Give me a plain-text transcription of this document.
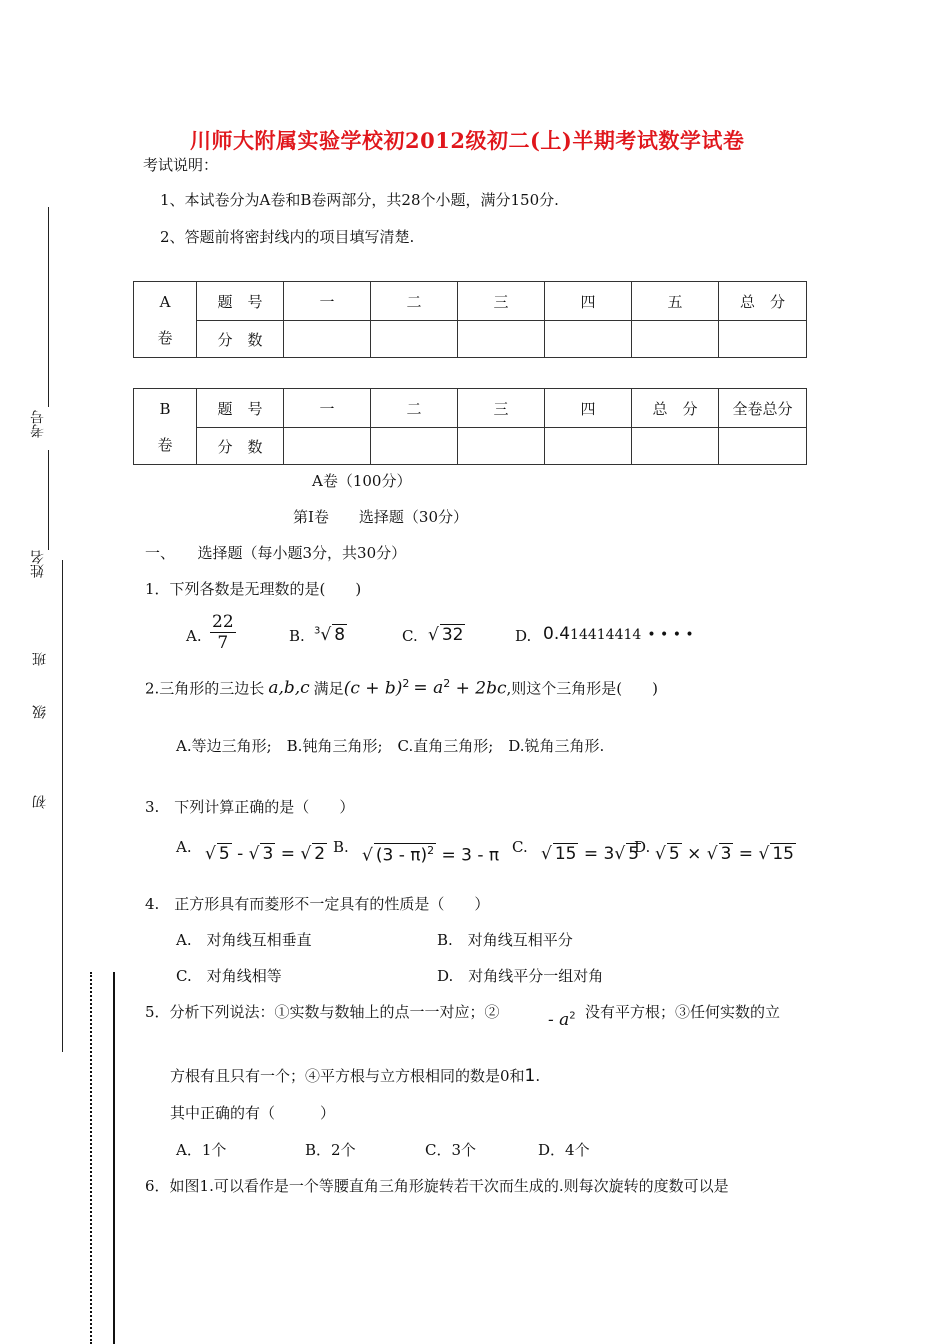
考号
姓名
班
级
初
川师大附属实验学校初2012级初二(上)半期考试数学试卷
考试说明：
1、本试卷分为A卷和B卷两部分，共28个小题，满分150分.
2、答题前将密封线内的项目填写清楚.
A
卷	题　号	一	二	三	四	五	总　分
	分　数						
B
卷	题　号	一	二	三	四	总　分	全卷总分
	分　数						
A卷（100分）
第Ⅰ卷　　选择题（30分）
一、　　选择题（每小题3分，共30分）
1．下列各数是无理数的是(　　)
A. $\frac{22}{7}$	B. $^3$√ 8	C. √ 32	D. 0.414414414 • • • •
2.三角形的三边长 a,b,c 满足$(c + b)^2 = a^2 + 2bc$,则这个三角形是(　　)
A.等边三角形;　B.钝角三角形;　C.直角三角形;　D.锐角三角形.
3.　下列计算正确的是（　　）
A. √ 5 - √ 3 = √ 2 B. √ (3 - π)$^2$ = 3 - π C. √ 15 = 3√ 5
D. √ 5 × √ 3 = √ 15
4.　正方形具有而菱形不一定具有的性质是（　　）
A.　对角线互相垂直	B.　对角线互相平分
C.　对角线相等	D.　对角线平分一组对角
5．分析下列说法：①实数与数轴上的点一一对应；②	- $a^2$ 没有平方根；③任何实数的立
方根有且只有一个；④平方根与立方根相同的数是0和1.
其中正确的有（　　　）
A．1个	B．2个	C．3个	D．4个
6．如图1.可以看作是一个等腰直角三角形旋转若干次而生成的.则每次旋转的度数可以是
